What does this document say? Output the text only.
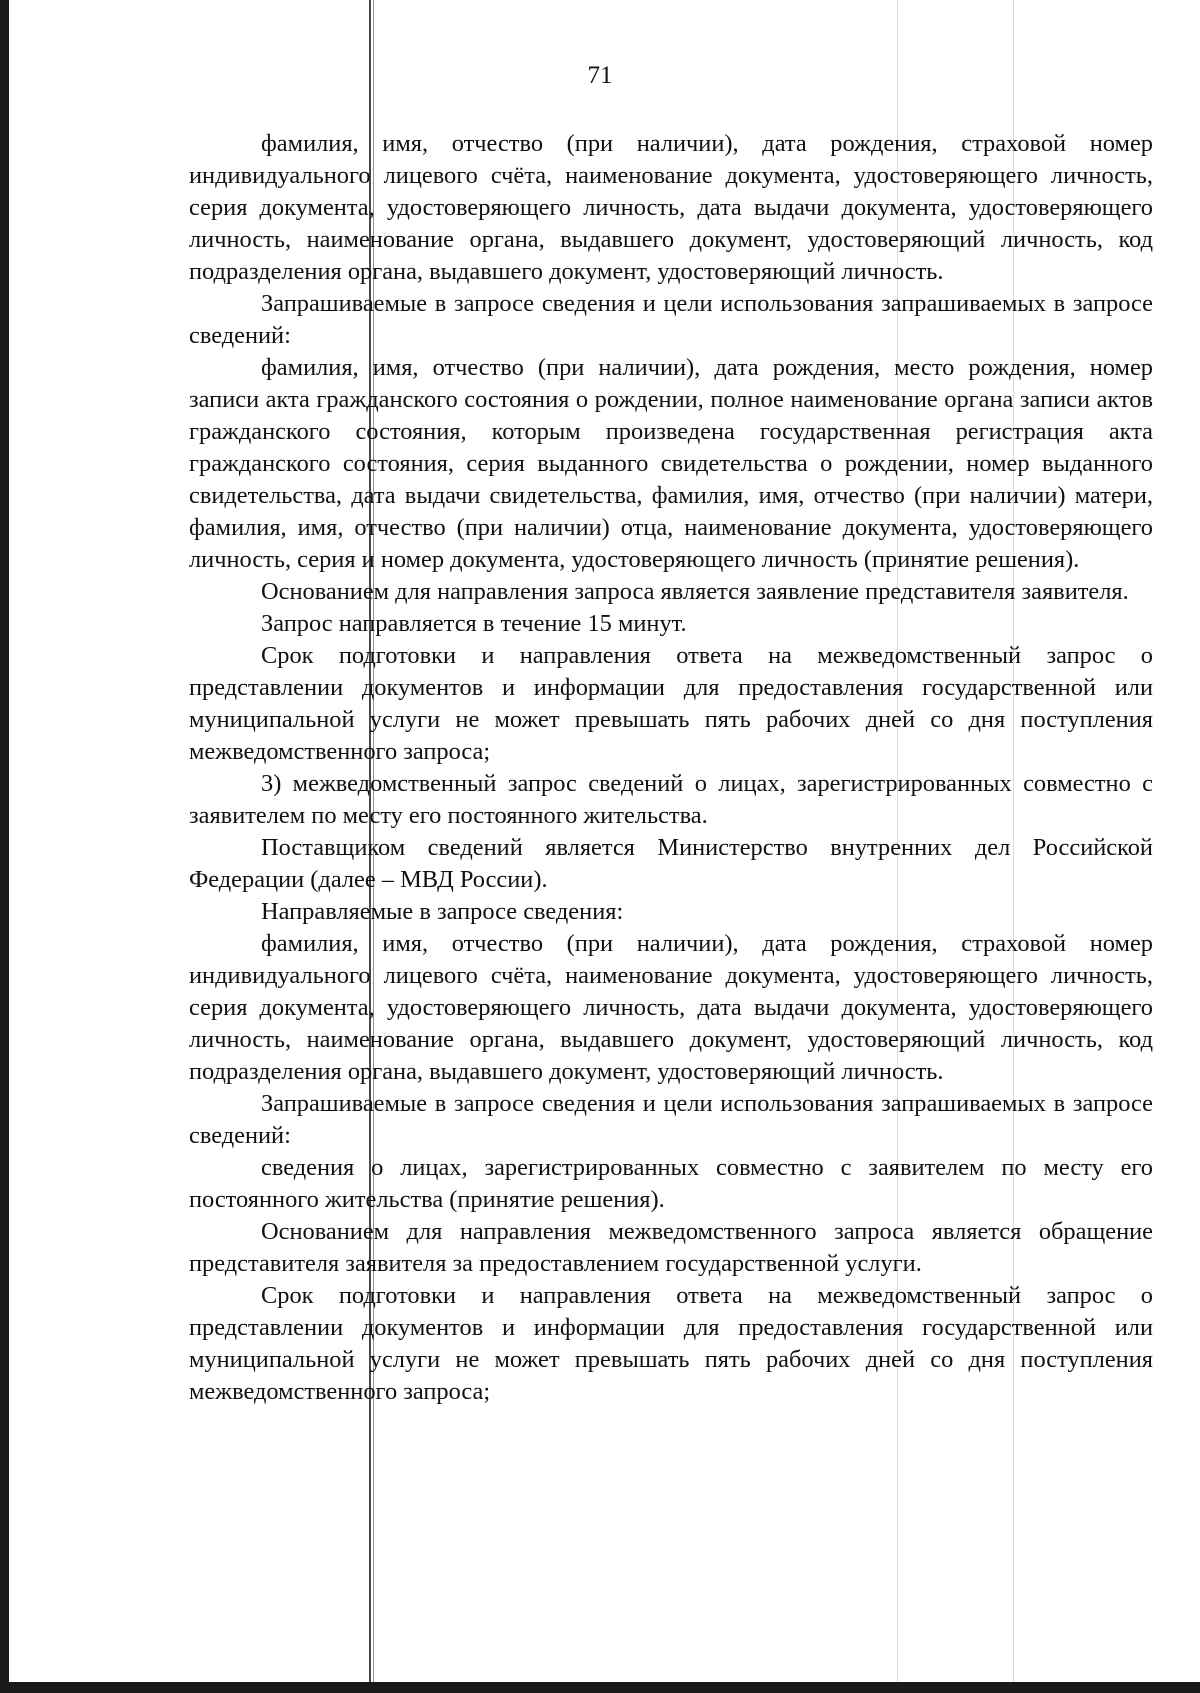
71

фамилия, имя, отчество (при наличии), дата рождения, страховой номер индивидуального лицевого счёта, наименование документа, удостоверяющего личность, серия документа, удостоверяющего личность, дата выдачи документа, удостоверяющего личность, наименование органа, выдавшего документ, удостоверяющий личность, код подразделения органа, выдавшего документ, удостоверяющий личность.

Запрашиваемые в запросе сведения и цели использования запрашиваемых в запросе сведений:

фамилия, имя, отчество (при наличии), дата рождения, место рождения, номер записи акта гражданского состояния о рождении, полное наименование органа записи актов гражданского состояния, которым произведена государственная регистрация акта гражданского состояния, серия выданного свидетельства о рождении, номер выданного свидетельства, дата выдачи свидетельства, фамилия, имя, отчество (при наличии) матери, фамилия, имя, отчество (при наличии) отца, наименование документа, удостоверяющего личность, серия и номер документа, удостоверяющего личность (принятие решения).

Основанием для направления запроса является заявление представителя заявителя.

Запрос направляется в течение 15 минут.

Срок подготовки и направления ответа на межведомственный запрос о представлении документов и информации для предоставления государственной или муниципальной услуги не может превышать пять рабочих дней со дня поступления межведомственного запроса;

3) межведомственный запрос сведений о лицах, зарегистрированных совместно с заявителем по месту его постоянного жительства.

Поставщиком сведений является Министерство внутренних дел Российской Федерации (далее – МВД России).

Направляемые в запросе сведения:

фамилия, имя, отчество (при наличии), дата рождения, страховой номер индивидуального лицевого счёта, наименование документа, удостоверяющего личность, серия документа, удостоверяющего личность, дата выдачи документа, удостоверяющего личность, наименование органа, выдавшего документ, удостоверяющий личность, код подразделения органа, выдавшего документ, удостоверяющий личность.

Запрашиваемые в запросе сведения и цели использования запрашиваемых в запросе сведений:

сведения о лицах, зарегистрированных совместно с заявителем по месту его постоянного жительства (принятие решения).

Основанием для направления межведомственного запроса является обращение представителя заявителя за предоставлением государственной услуги.

Срок подготовки и направления ответа на межведомственный запрос о представлении документов и информации для предоставления государственной или муниципальной услуги не может превышать пять рабочих дней со дня поступления межведомственного запроса;
